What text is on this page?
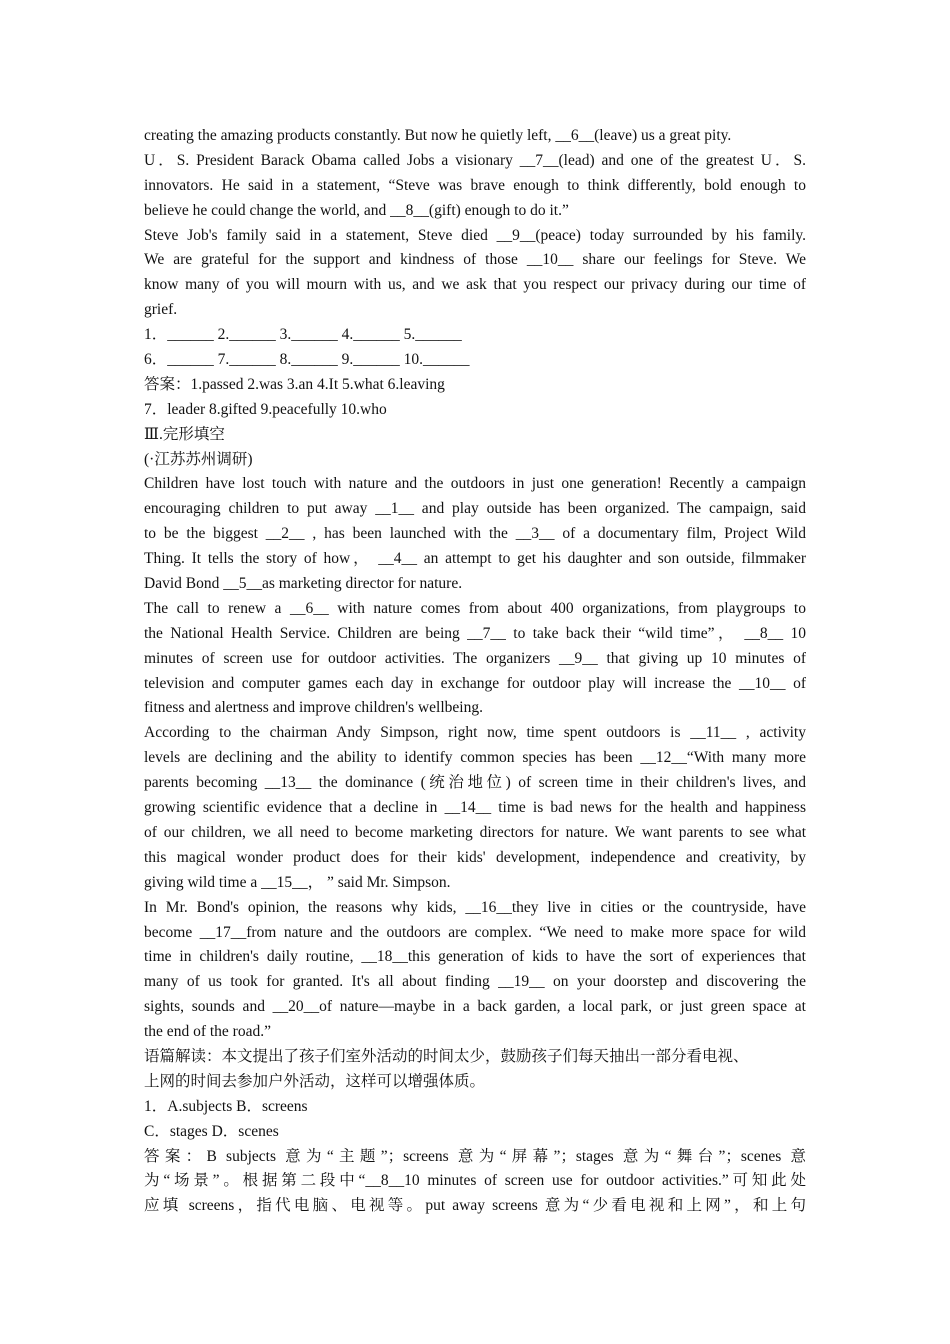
creating the amazing products constantly. But now he quietly left, __6__(leave) us a great pity.
U．S. President Barack Obama called Jobs a visionary __7__(lead) and one of the greatest U．S.
innovators. He said in a statement, “Steve was brave enough to think differently, bold enough to
believe he could change the world, and __8__(gift) enough to do it.”
Steve Job's family said in a statement, Steve died __9__(peace) today surrounded by his family.
We are grateful for the support and kindness of those __10__ share our feelings for Steve. We
know many of you will mourn with us, and we ask that you respect our privacy during our time of
grief.
1．______ 2.______ 3.______ 4.______ 5.______
6．______ 7.______ 8.______ 9.______ 10.______
答案：1.passed 2.was 3.an 4.It 5.what 6.leaving
7．leader 8.gifted 9.peacefully 10.who
Ⅲ.完形填空
(·江苏苏州调研)
Children have lost touch with nature and the outdoors in just one generation! Recently a campaign
encouraging children to put away __1__ and play outside has been organized. The campaign, said
to be the biggest __2__ , has been launched with the __3__ of a documentary film, Project Wild
Thing. It tells the story of how， __4__ an attempt to get his daughter and son outside, filmmaker
David Bond __5__as marketing director for nature.
The call to renew a __6__ with nature comes from about 400 organizations, from playgroups to
the National Health Service. Children are being __7__ to take back their “wild time”， __8__ 10
minutes of screen use for outdoor activities. The organizers __9__ that giving up 10 minutes of
television and computer games each day in exchange for outdoor play will increase the __10__ of
fitness and alertness and improve children's wellbeing.
According to the chairman Andy Simpson, right now, time spent outdoors is __11__ , activity
levels are declining and the ability to identify common species has been __12__“With many more
parents becoming __13__ the dominance (统治地位) of screen time in their children's lives, and
growing scientific evidence that a decline in __14__ time is bad news for the health and happiness
of our children, we all need to become marketing directors for nature. We want parents to see what
this magical wonder product does for their kids' development, independence and creativity, by
giving wild time a __15__， ” said Mr. Simpson.
In Mr. Bond's opinion, the reasons why kids, __16__they live in cities or the countryside, have
become __17__from nature and the outdoors are complex. “We need to make more space for wild
time in children's daily routine, __18__this generation of kids to have the sort of experiences that
many of us took for granted. It's all about finding __19__ on your doorstep and discovering the
sights, sounds and __20__of nature—maybe in a back garden, a local park, or just green space at
the end of the road.”
语篇解读：本文提出了孩子们室外活动的时间太少，鼓励孩子们每天抽出一部分看电视、
上网的时间去参加户外活动，这样可以增强体质。
1．A.subjects B．screens
C．stages D．scenes
答案：B subjects 意为“主题”；screens 意为“屏幕”；stages 意为“舞台”；scenes 意
为“场景”。根据第二段中“__8__10 minutes of screen use for outdoor activities.”可知此处
应填 screens，指代电脑、电视等。put away screens 意为“少看电视和上网”，和上句
